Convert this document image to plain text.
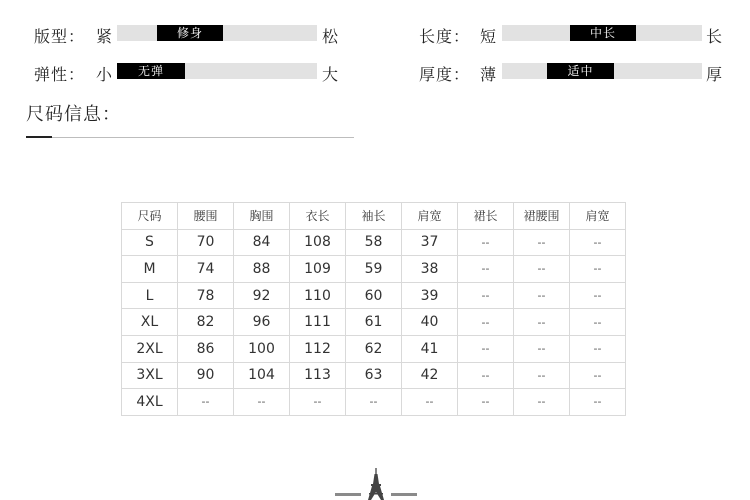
版型： 紧	修身	松	长度： 短	中长	长
弹性： 小	无弹	大	厚度： 薄	适中	厚
尺码信息：
尺码	腰围	胸围	衣长	袖长	肩宽	裙长	裙腰围	肩宽
S	70	84	108	58	37	--	--	--
M	74	88	109	59	38	--	--	--
L	78	92	110	60	39	--	--	--
XL	82	96	111	61	40	--	--	--
2XL	86	100	112	62	41	--	--	--
3XL	90	104	113	63	42	--	--	--
4XL	--	--	--	--	--	--	--	--
